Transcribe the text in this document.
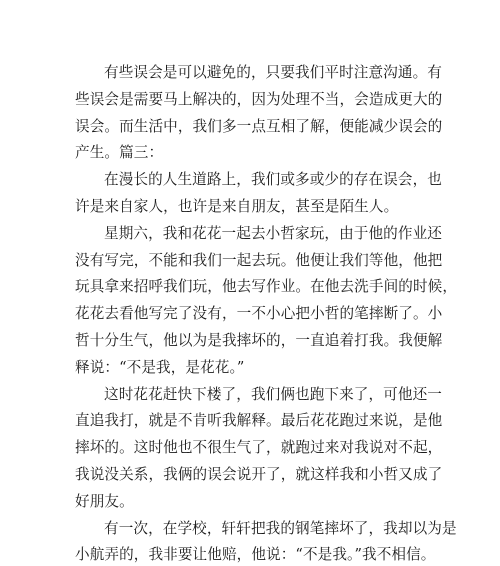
有些误会是可以避免的，只要我们平时注意沟通。有
些误会是需要马上解决的，因为处理不当，会造成更大的
误会。而生活中，我们多一点互相了解，便能减少误会的
产生。篇三：
在漫长的人生道路上，我们或多或少的存在误会，也
许是来自家人，也许是来自朋友，甚至是陌生人。
星期六，我和花花一起去小哲家玩，由于他的作业还
没有写完，不能和我们一起去玩。他便让我们等他，他把
玩具拿来招呼我们玩，他去写作业。在他去洗手间的时候，
花花去看他写完了没有，一不小心把小哲的笔摔断了。小
哲十分生气，他以为是我摔坏的，一直追着打我。我便解
释说：“不是我，是花花。”
这时花花赶快下楼了，我们俩也跑下来了，可他还一
直追我打，就是不肯听我解释。最后花花跑过来说，是他
摔坏的。这时他也不很生气了，就跑过来对我说对不起，
我说没关系，我俩的误会说开了，就这样我和小哲又成了
好朋友。
有一次，在学校，轩轩把我的钢笔摔坏了，我却以为是
小航弄的，我非要让他赔，他说：“不是我。”我不相信。
